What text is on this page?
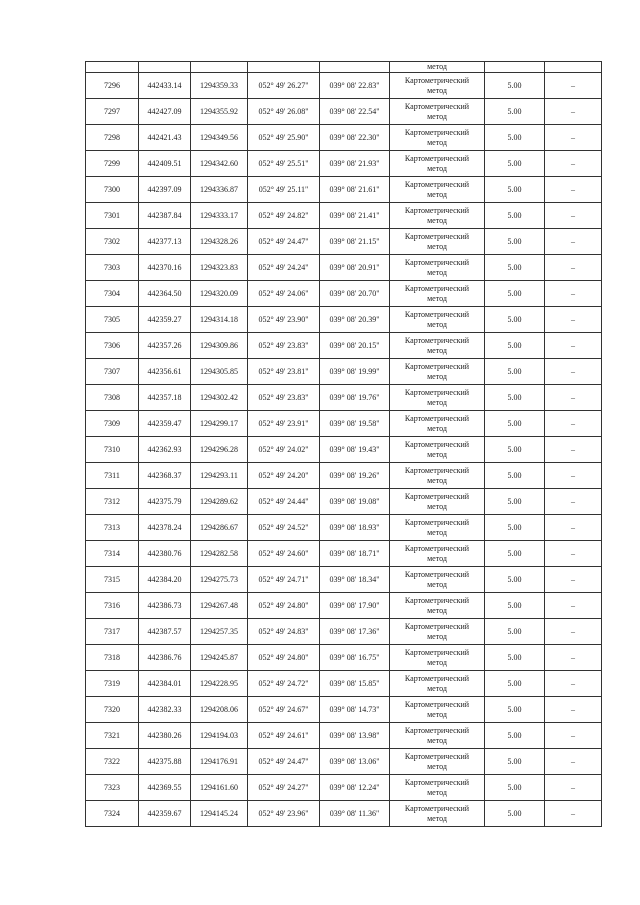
					метод		

7296	442433.14	1294359.33	052° 49' 26.27"	039° 08' 22.83"	Картометрический
метод	5.00	–
7297	442427.09	1294355.92	052° 49' 26.08"	039° 08' 22.54"	Картометрический
метод	5.00	–
7298	442421.43	1294349.56	052° 49' 25.90"	039° 08' 22.30"	Картометрический
метод	5.00	–
7299	442409.51	1294342.60	052° 49' 25.51"	039° 08' 21.93"	Картометрический
метод	5.00	–
7300	442397.09	1294336.87	052° 49' 25.11"	039° 08' 21.61"	Картометрический
метод	5.00	–
7301	442387.84	1294333.17	052° 49' 24.82"	039° 08' 21.41"	Картометрический
метод	5.00	–
7302	442377.13	1294328.26	052° 49' 24.47"	039° 08' 21.15"	Картометрический
метод	5.00	–
7303	442370.16	1294323.83	052° 49' 24.24"	039° 08' 20.91"	Картометрический
метод	5.00	–
7304	442364.50	1294320.09	052° 49' 24.06"	039° 08' 20.70"	Картометрический
метод	5.00	–
7305	442359.27	1294314.18	052° 49' 23.90"	039° 08' 20.39"	Картометрический
метод	5.00	–
7306	442357.26	1294309.86	052° 49' 23.83"	039° 08' 20.15"	Картометрический
метод	5.00	–
7307	442356.61	1294305.85	052° 49' 23.81"	039° 08' 19.99"	Картометрический
метод	5.00	–
7308	442357.18	1294302.42	052° 49' 23.83"	039° 08' 19.76"	Картометрический
метод	5.00	–
7309	442359.47	1294299.17	052° 49' 23.91"	039° 08' 19.58"	Картометрический
метод	5.00	–
7310	442362.93	1294296.28	052° 49' 24.02"	039° 08' 19.43"	Картометрический
метод	5.00	–
7311	442368.37	1294293.11	052° 49' 24.20"	039° 08' 19.26"	Картометрический
метод	5.00	–
7312	442375.79	1294289.62	052° 49' 24.44"	039° 08' 19.08"	Картометрический
метод	5.00	–
7313	442378.24	1294286.67	052° 49' 24.52"	039° 08' 18.93"	Картометрический
метод	5.00	–
7314	442380.76	1294282.58	052° 49' 24.60"	039° 08' 18.71"	Картометрический
метод	5.00	–
7315	442384.20	1294275.73	052° 49' 24.71"	039° 08' 18.34"	Картометрический
метод	5.00	–
7316	442386.73	1294267.48	052° 49' 24.80"	039° 08' 17.90"	Картометрический
метод	5.00	–
7317	442387.57	1294257.35	052° 49' 24.83"	039° 08' 17.36"	Картометрический
метод	5.00	–
7318	442386.76	1294245.87	052° 49' 24.80"	039° 08' 16.75"	Картометрический
метод	5.00	–
7319	442384.01	1294228.95	052° 49' 24.72"	039° 08' 15.85"	Картометрический
метод	5.00	–
7320	442382.33	1294208.06	052° 49' 24.67"	039° 08' 14.73"	Картометрический
метод	5.00	–
7321	442380.26	1294194.03	052° 49' 24.61"	039° 08' 13.98"	Картометрический
метод	5.00	–
7322	442375.88	1294176.91	052° 49' 24.47"	039° 08' 13.06"	Картометрический
метод	5.00	–
7323	442369.55	1294161.60	052° 49' 24.27"	039° 08' 12.24"	Картометрический
метод	5.00	–
7324	442359.67	1294145.24	052° 49' 23.96"	039° 08' 11.36"	Картометрический
метод	5.00	–
